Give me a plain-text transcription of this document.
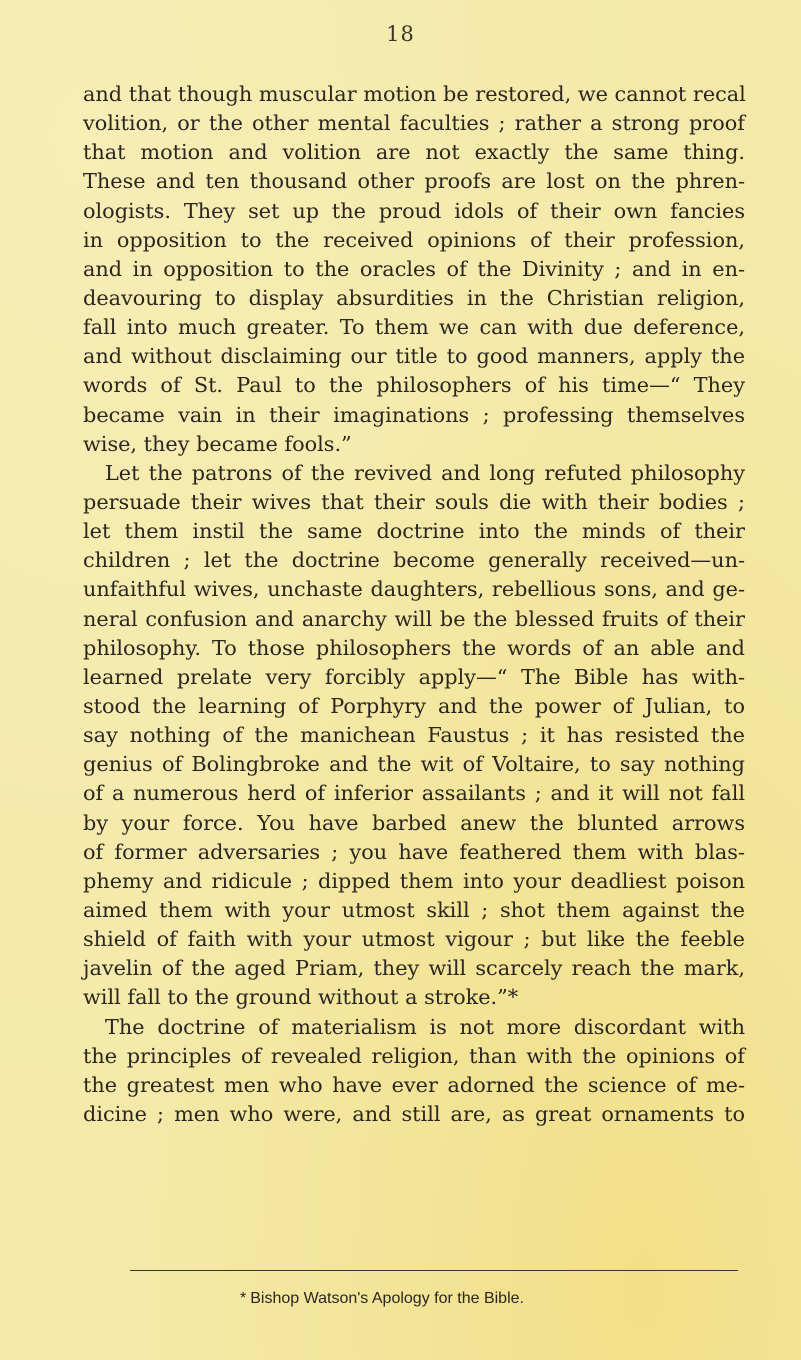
18
and that though muscular motion be restored, we cannot recal
volition, or the other mental faculties ; rather a strong proof
that motion and volition are not exactly the same thing.
These and ten thousand other proofs are lost on the phren-
ologists. They set up the proud idols of their own fancies
in opposition to the received opinions of their profession,
and in opposition to the oracles of the Divinity ; and in en-
deavouring to display absurdities in the Christian religion,
fall into much greater. To them we can with due deference,
and without disclaiming our title to good manners, apply the
words of St. Paul to the philosophers of his time—“ They
became vain in their imaginations ; professing themselves
wise, they became fools.”
Let the patrons of the revived and long refuted philosophy
persuade their wives that their souls die with their bodies ;
let them instil the same doctrine into the minds of their
children ; let the doctrine become generally received—un-
unfaithful wives, unchaste daughters, rebellious sons, and ge-
neral confusion and anarchy will be the blessed fruits of their
philosophy. To those philosophers the words of an able and
learned prelate very forcibly apply—“ The Bible has with-
stood the learning of Porphyry and the power of Julian, to
say nothing of the manichean Faustus ; it has resisted the
genius of Bolingbroke and the wit of Voltaire, to say nothing
of a numerous herd of inferior assailants ; and it will not fall
by your force. You have barbed anew the blunted arrows
of former adversaries ; you have feathered them with blas-
phemy and ridicule ; dipped them into your deadliest poison
aimed them with your utmost skill ; shot them against the
shield of faith with your utmost vigour ; but like the feeble
javelin of the aged Priam, they will scarcely reach the mark,
will fall to the ground without a stroke.”*
The doctrine of materialism is not more discordant with
the principles of revealed religion, than with the opinions of
the greatest men who have ever adorned the science of me-
dicine ; men who were, and still are, as great ornaments to
* Bishop Watson's Apology for the Bible.
